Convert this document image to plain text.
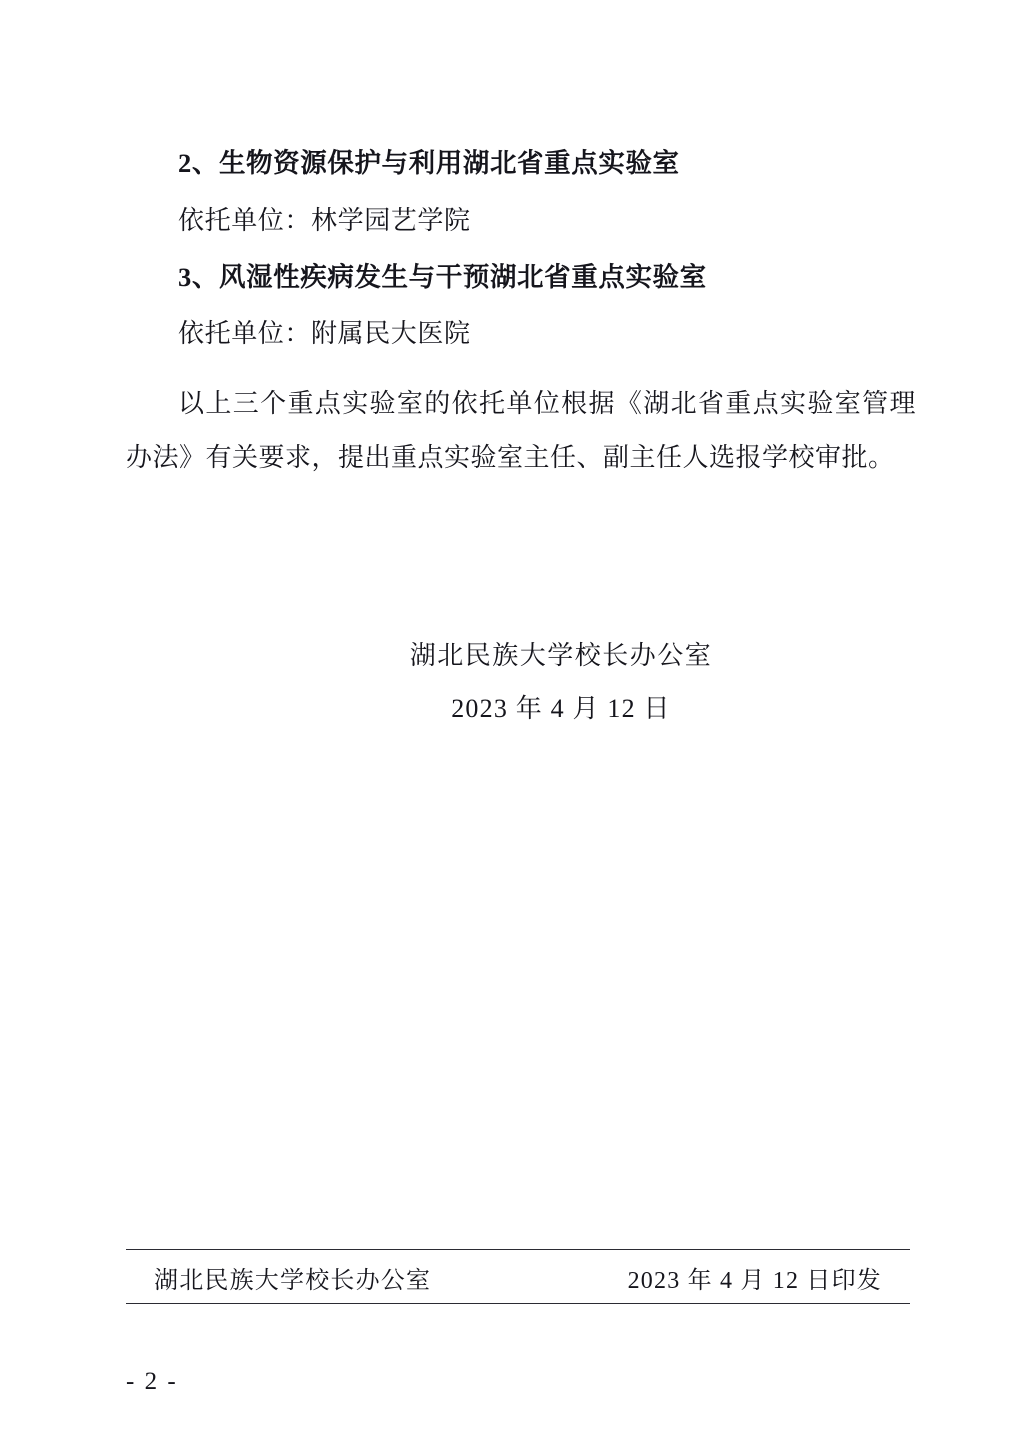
2、生物资源保护与利用湖北省重点实验室
依托单位：林学园艺学院
3、风湿性疾病发生与干预湖北省重点实验室
依托单位：附属民大医院

以上三个重点实验室的依托单位根据《湖北省重点实验室管理办法》有关要求，提出重点实验室主任、副主任人选报学校审批。

湖北民族大学校长办公室
2023 年 4 月 12 日
湖北民族大学校长办公室	2023 年 4 月 12 日印发
- 2 -
